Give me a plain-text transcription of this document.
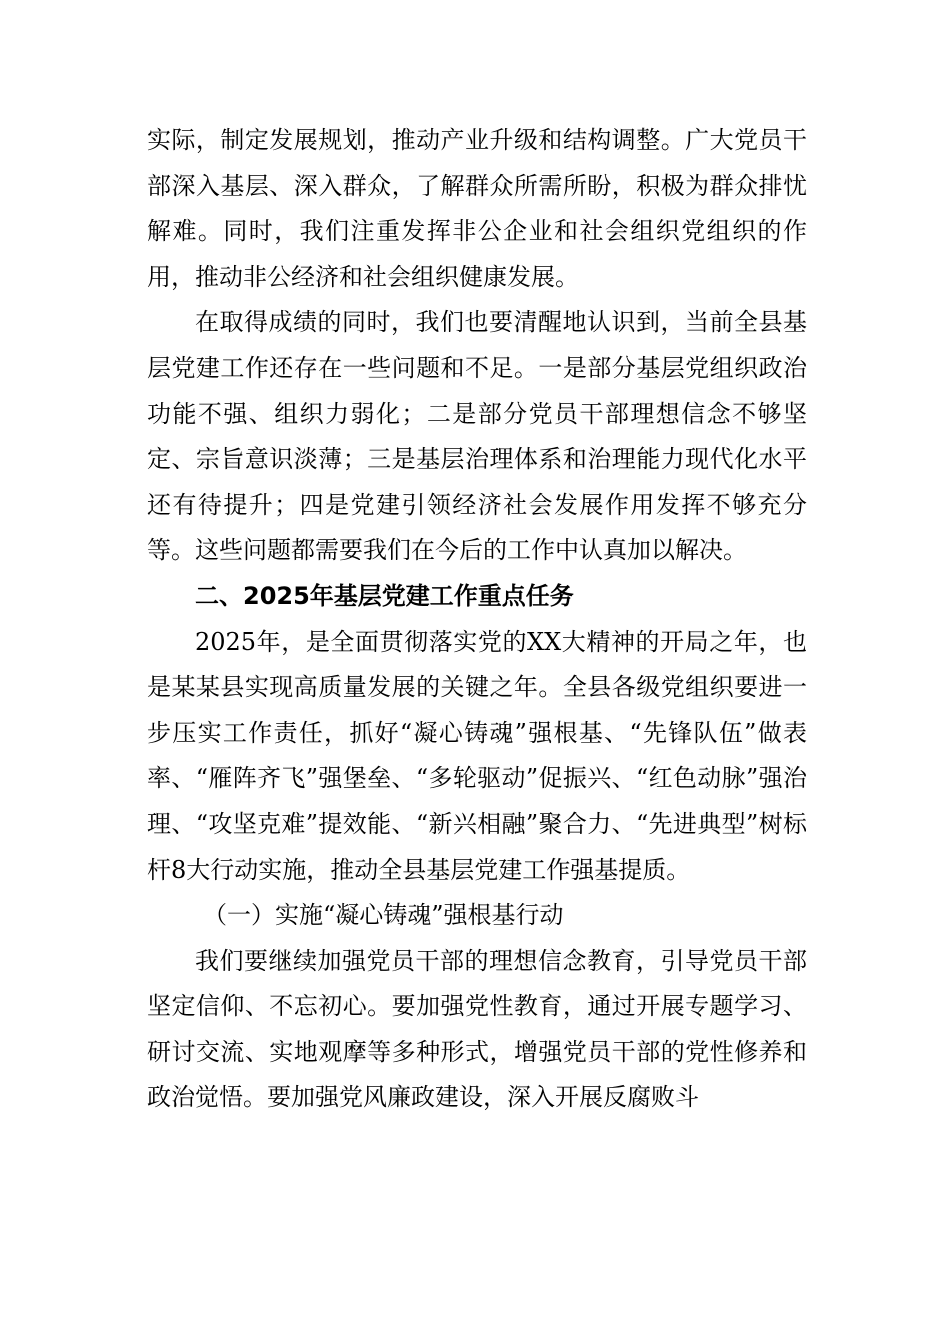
实际，制定发展规划，推动产业升级和结构调整。广大党员干部深入基层、深入群众，了解群众所需所盼，积极为群众排忧解难。同时，我们注重发挥非公企业和社会组织党组织的作用，推动非公经济和社会组织健康发展。

在取得成绩的同时，我们也要清醒地认识到，当前全县基层党建工作还存在一些问题和不足。一是部分基层党组织政治功能不强、组织力弱化；二是部分党员干部理想信念不够坚定、宗旨意识淡薄；三是基层治理体系和治理能力现代化水平还有待提升；四是党建引领经济社会发展作用发挥不够充分等。这些问题都需要我们在今后的工作中认真加以解决。

二、2025年基层党建工作重点任务

2025年，是全面贯彻落实党的XX大精神的开局之年，也是某某县实现高质量发展的关键之年。全县各级党组织要进一步压实工作责任，抓好“凝心铸魂”强根基、“先锋队伍”做表率、“雁阵齐飞”强堡垒、“多轮驱动”促振兴、“红色动脉”强治理、“攻坚克难”提效能、“新兴相融”聚合力、“先进典型”树标杆8大行动实施，推动全县基层党建工作强基提质。

（一）实施“凝心铸魂”强根基行动

我们要继续加强党员干部的理想信念教育，引导党员干部坚定信仰、不忘初心。要加强党性教育，通过开展专题学习、研讨交流、实地观摩等多种形式，增强党员干部的党性修养和政治觉悟。要加强党风廉政建设，深入开展反腐败斗
